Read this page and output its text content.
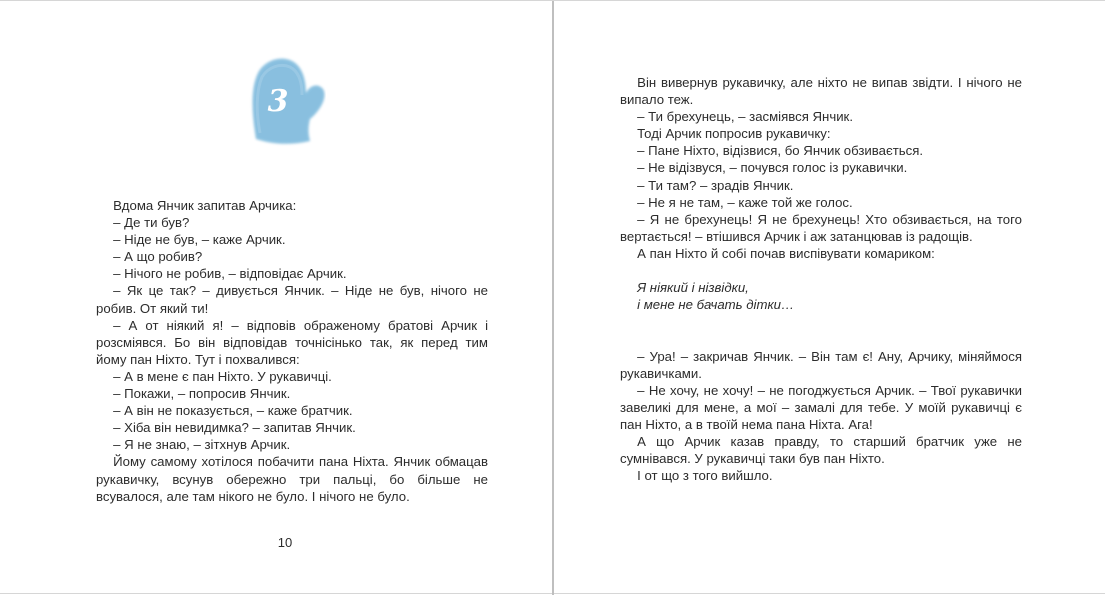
3

Вдома Янчик запитав Арчика:

– Де ти був?

– Ніде не був, – каже Арчик.

– А що робив?

– Нічого не робив, – відповідає Арчик.

– Як це так? – дивується Янчик. – Ніде не був, нічого не робив. От який ти!

– А от ніякий я! – відповів ображеному братові Арчик і розсміявся. Бо він відповідав точнісінько так, як перед тим йому пан Ніхто. Тут і похвалився:

– А в мене є пан Ніхто. У рукавичці.

– Покажи, – попросив Янчик.

– А він не показується, – каже братчик.

– Хіба він невидимка? – запитав Янчик.

– Я не знаю, – зітхнув Арчик.

Йому самому хотілося побачити пана Ніхта. Янчик обмацав рукавичку, всунув обережно три пальці, бо більше не всувалося, але там нікого не було. І нічого не було.

10

Він вивернув рукавичку, але ніхто не випав звідти. І нічого не випало теж.

– Ти брехунець, – засміявся Янчик.

Тоді Арчик попросив рукавичку:

– Пане Ніхто, відізвися, бо Янчик обзивається.

– Не відізвуся, – почувся голос із рукавички.

– Ти там? – зрадів Янчик.

– Не я не там, – каже той же голос.

– Я не брехунець! Я не брехунець! Хто обзивається, на того вертається! – втішився Арчик і аж затанцював із радощів.

А пан Ніхто й собі почав виспівувати комариком:

Я ніякий і нізвідки,

і мене не бачать дітки…

– Ура! – закричав Янчик. – Він там є! Ану, Арчику, міняймося рукавичками.

– Не хочу, не хочу! – не погоджується Арчик. – Твої рукавички завеликі для мене, а мої – замалі для тебе. У моїй рукавичці є пан Ніхто, а в твоїй нема пана Ніхта. Ага!

А що Арчик казав правду, то старший братчик уже не сумнівався. У рукавичці таки був пан Ніхто.

І от що з того вийшло.
